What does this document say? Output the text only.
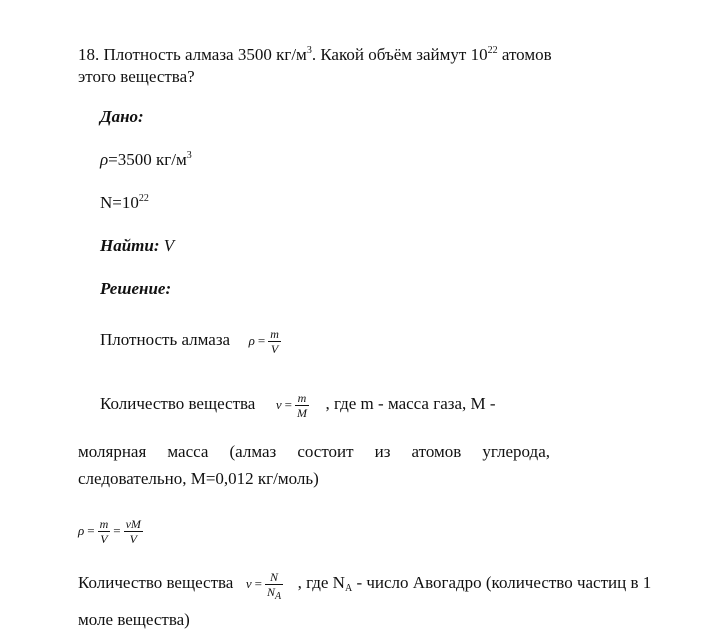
18. Плотность алмаза 3500 $кг/м^3$. Какой объём займут $10^{22}$ атомов
этого вещества?
Дано:
ρ=3500 $кг/м^3$
$N=10^{22}$
Найти: V
Решение:
Плотность алмаза $\rho = \frac{m}{V}$
Количество вещества $\nu = \frac{m}{M}$ , где m - масса газа, M -
молярная масса (алмаз состоит из атомов углерода,
следовательно, M=0,012 кг/моль)
$\rho = \frac{m}{V} = \frac{\nu M}{V}$
Количество вещества $\nu = \frac{N}{N_A}$ , где $N_A$ - число Авогадро (количество частиц в 1
моле вещества)
